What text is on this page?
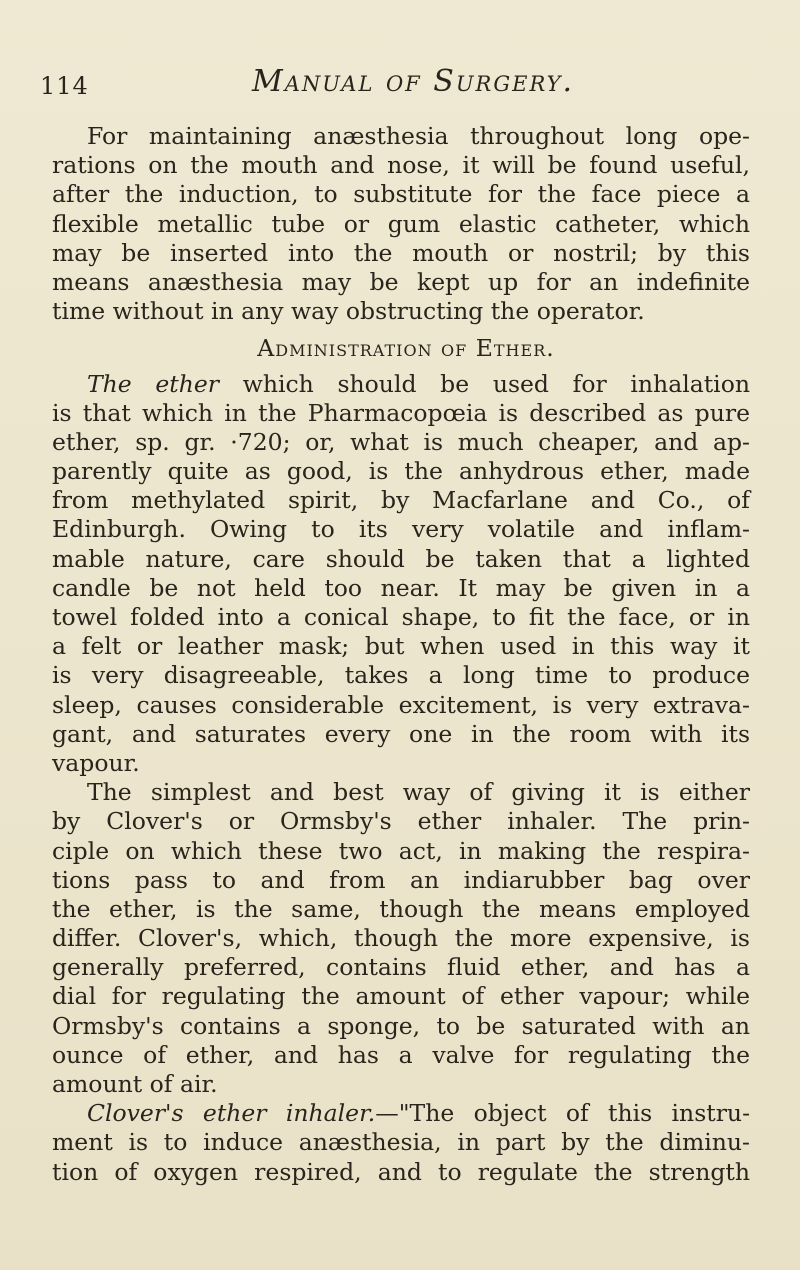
114	Manual of Surgery.
For maintaining anæsthesia throughout long ope-
rations on the mouth and nose, it will be found useful,
after the induction, to substitute for the face piece a
flexible metallic tube or gum elastic catheter, which
may be inserted into the mouth or nostril; by this
means anæsthesia may be kept up for an indefinite
time without in any way obstructing the operator.
Administration of Ether.
The ether which should be used for inhalation
is that which in the Pharmacopœia is described as pure
ether, sp. gr. ·720; or, what is much cheaper, and ap-
parently quite as good, is the anhydrous ether, made
from methylated spirit, by Macfarlane and Co., of
Edinburgh. Owing to its very volatile and inflam-
mable nature, care should be taken that a lighted
candle be not held too near. It may be given in a
towel folded into a conical shape, to fit the face, or in
a felt or leather mask; but when used in this way it
is very disagreeable, takes a long time to produce
sleep, causes considerable excitement, is very extrava-
gant, and saturates every one in the room with its
vapour.
The simplest and best way of giving it is either
by Clover's or Ormsby's ether inhaler. The prin-
ciple on which these two act, in making the respira-
tions pass to and from an indiarubber bag over
the ether, is the same, though the means employed
differ. Clover's, which, though the more expensive, is
generally preferred, contains fluid ether, and has a
dial for regulating the amount of ether vapour; while
Ormsby's contains a sponge, to be saturated with an
ounce of ether, and has a valve for regulating the
amount of air.
Clover's ether inhaler.—"The object of this instru-
ment is to induce anæsthesia, in part by the diminu-
tion of oxygen respired, and to regulate the strength
